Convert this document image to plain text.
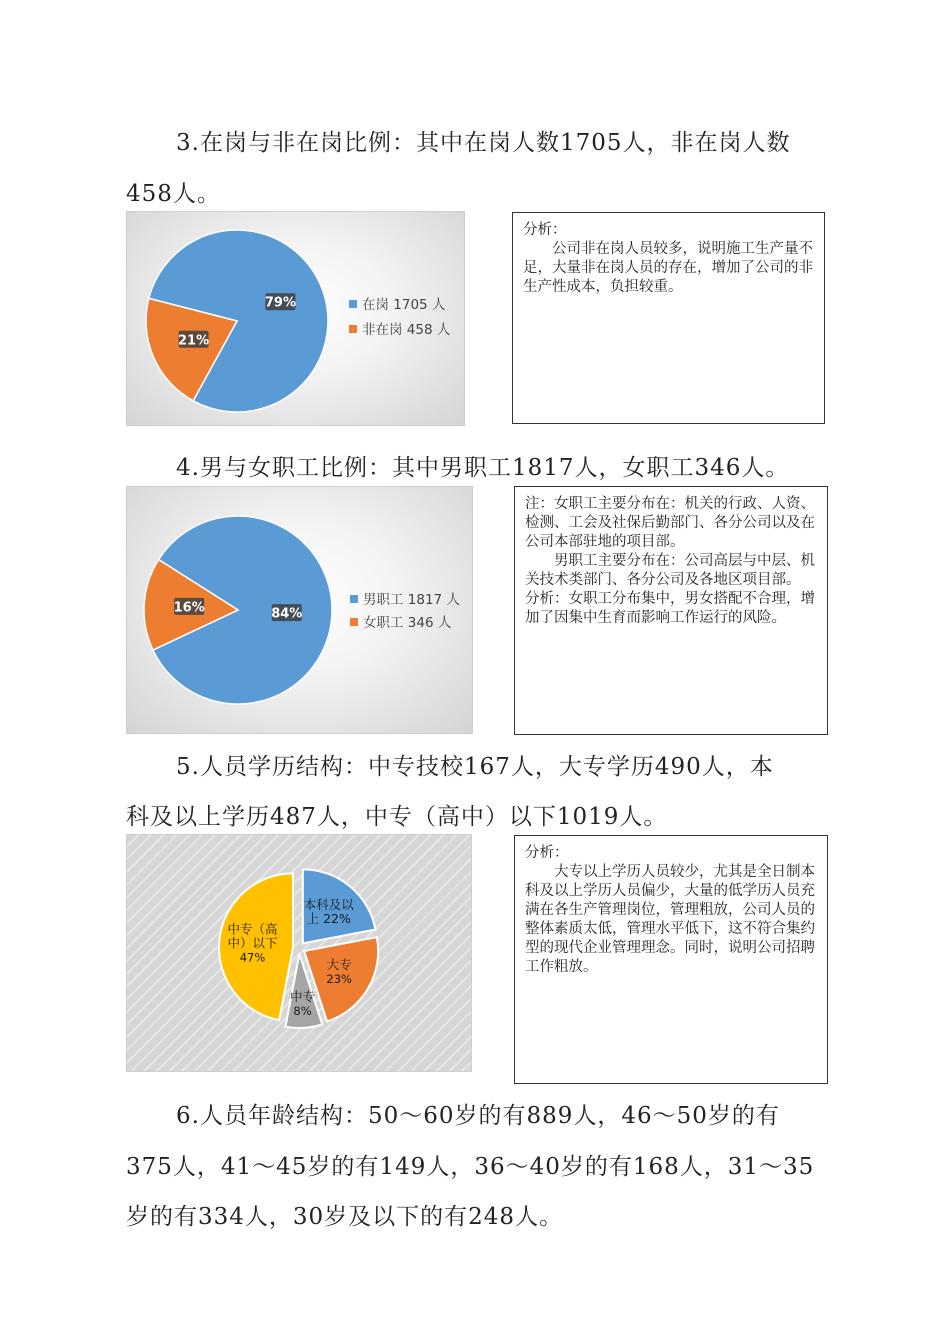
3.在岗与非在岗比例：其中在岗人数1705人，非在岗人数

458人。

79%
21%
在岗 1705 人
非在岗 458 人

分析：

公司非在岗人员较多，说明施工生产量不足，大量非在岗人员的存在，增加了公司的非生产性成本，负担较重。

4.男与女职工比例：其中男职工1817人，女职工346人。

84%
16%	男职工 1817 人
女职工 346 人

注：女职工主要分布在：机关的行政、人资、检测、工会及社保后勤部门、各分公司以及在公司本部驻地的项目部。

男职工主要分布在：公司高层与中层、机关技术类部门、各分公司及各地区项目部。

分析：女职工分布集中，男女搭配不合理，增加了因集中生育而影响工作运行的风险。

5.人员学历结构：中专技校167人，大专学历490人，本

科及以上学历487人，中专（高中）以下1019人。

本科及以
上 22%
大专
23%
中专
8%
中专（高
中）以下
47%

分析：

大专以上学历人员较少，尤其是全日制本科及以上学历人员偏少，大量的低学历人员充满在各生产管理岗位，管理粗放，公司人员的整体素质太低，管理水平低下，这不符合集约型的现代企业管理理念。同时，说明公司招聘工作粗放。

6.人员年龄结构：50～60岁的有889人，46～50岁的有

375人，41～45岁的有149人，36～40岁的有168人，31～35

岁的有334人，30岁及以下的有248人。
